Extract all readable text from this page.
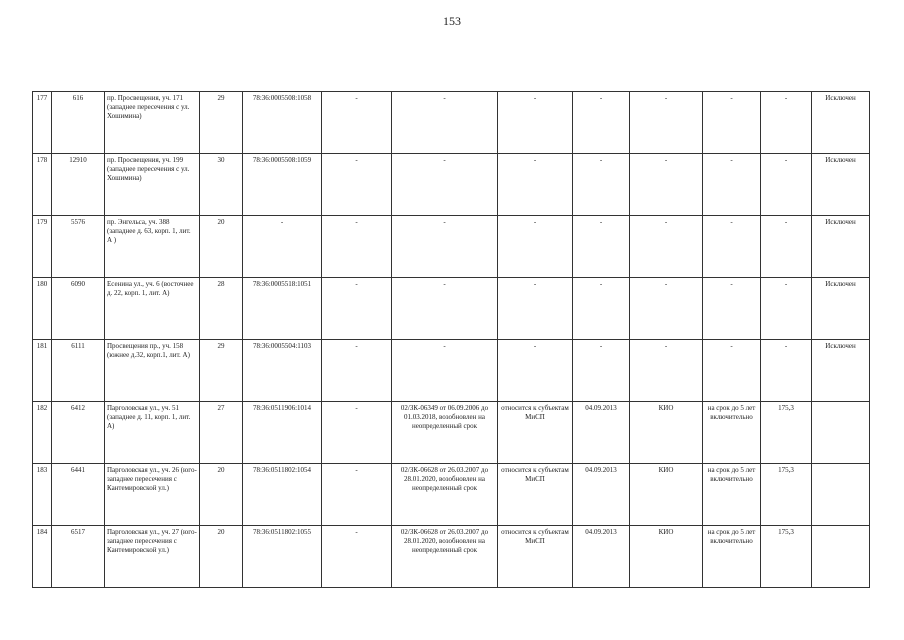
153
177	616	пр. Просвещения, уч. 171 (западнее пересечения с ул. Хошимина)	29	78:36:0005508:1058	-	-	-	-	-	-	-	Исключен
178	12910	пр. Просвещения, уч. 199 (западнее пересечения с ул. Хошимина)	30	78:36:0005508:1059	-	-	-	-	-	-	-	Исключен
179	5576	пр. Энгельса, уч. 388 (западнее д. 63, корп. 1, лит. А )	20	-	-	-	-	-	-	-	-	Исключен
180	6090	Есенина ул., уч. 6 (восточнее д. 22, корп. 1, лит. А)	28	78:36:0005518:1051	-	-	-	-	-	-	-	Исключен
181	6111	Просвещения пр., уч. 158 (южнее д.32, корп.1, лит. А)	29	78:36:0005504:1103	-	-	-	-	-	-	-	Исключен
182	6412	Парголовская ул., уч. 51 (западнее д. 11, корп. 1, лит. А)	27	78:36:0511906:1014	-	02/ЗК-06349 от 06.09.2006 до 01.03.2018, возобновлен на неопределенный срок	относится к субъектам МиСП	04.09.2013	КИО	на срок до 5 лет включительно	175,3	
183	6441	Парголовская ул., уч. 26 (юго-западнее пересечения с Кантемировской ул.)	20	78:36:0511802:1054	-	02/ЗК-06628 от 26.03.2007 до 28.01.2020, возобновлен на неопределенный срок	относится к субъектам МиСП	04.09.2013	КИО	на срок до 5 лет включительно	175,3	
184	6517	Парголовская ул., уч. 27 (юго-западнее пересечения с Кантемировской ул.)	20	78:36:0511802:1055	-	02/ЗК-06628 от 26.03.2007 до 28.01.2020, возобновлен на неопределенный срок	относится к субъектам МиСП	04.09.2013	КИО	на срок до 5 лет включительно	175,3	
